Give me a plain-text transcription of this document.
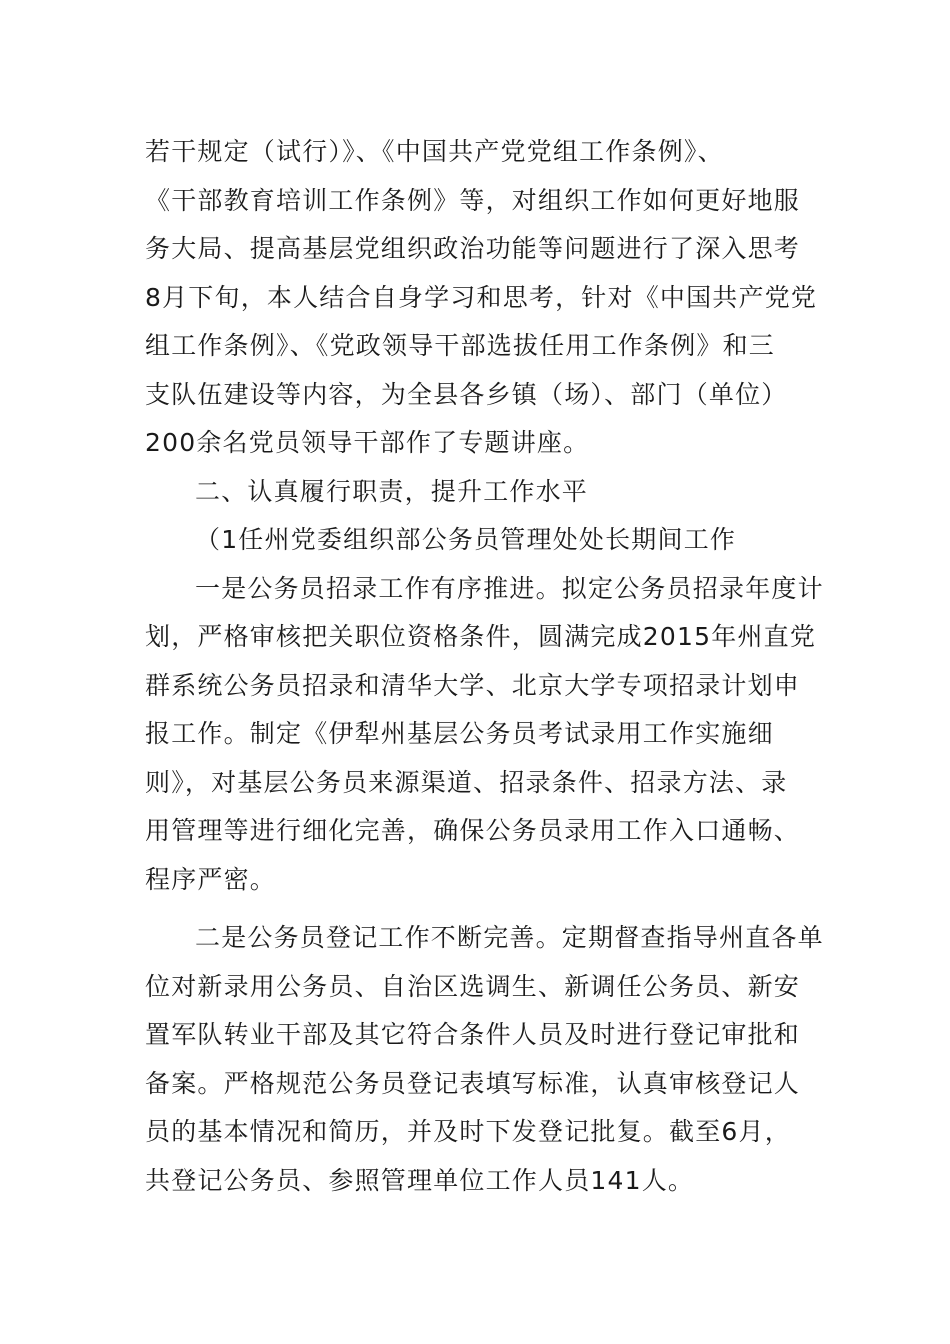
若干规定（试行）》、《中国共产党党组工作条例》、
《干部教育培训工作条例》等，对组织工作如何更好地服
务大局、提高基层党组织政治功能等问题进行了深入思考
8月下旬，本人结合自身学习和思考，针对《中国共产党党
组工作条例》、《党政领导干部选拔任用工作条例》和三
支队伍建设等内容，为全县各乡镇（场）、部门（单位）
200余名党员领导干部作了专题讲座。
二、认真履行职责，提升工作水平
（1任州党委组织部公务员管理处处长期间工作
一是公务员招录工作有序推进。拟定公务员招录年度计
划，严格审核把关职位资格条件，圆满完成2015年州直党
群系统公务员招录和清华大学、北京大学专项招录计划申
报工作。制定《伊犁州基层公务员考试录用工作实施细
则》，对基层公务员来源渠道、招录条件、招录方法、录
用管理等进行细化完善，确保公务员录用工作入口通畅、
程序严密。
二是公务员登记工作不断完善。定期督查指导州直各单
位对新录用公务员、自治区选调生、新调任公务员、新安
置军队转业干部及其它符合条件人员及时进行登记审批和
备案。严格规范公务员登记表填写标准，认真审核登记人
员的基本情况和简历，并及时下发登记批复。截至6月，
共登记公务员、参照管理单位工作人员141人。
